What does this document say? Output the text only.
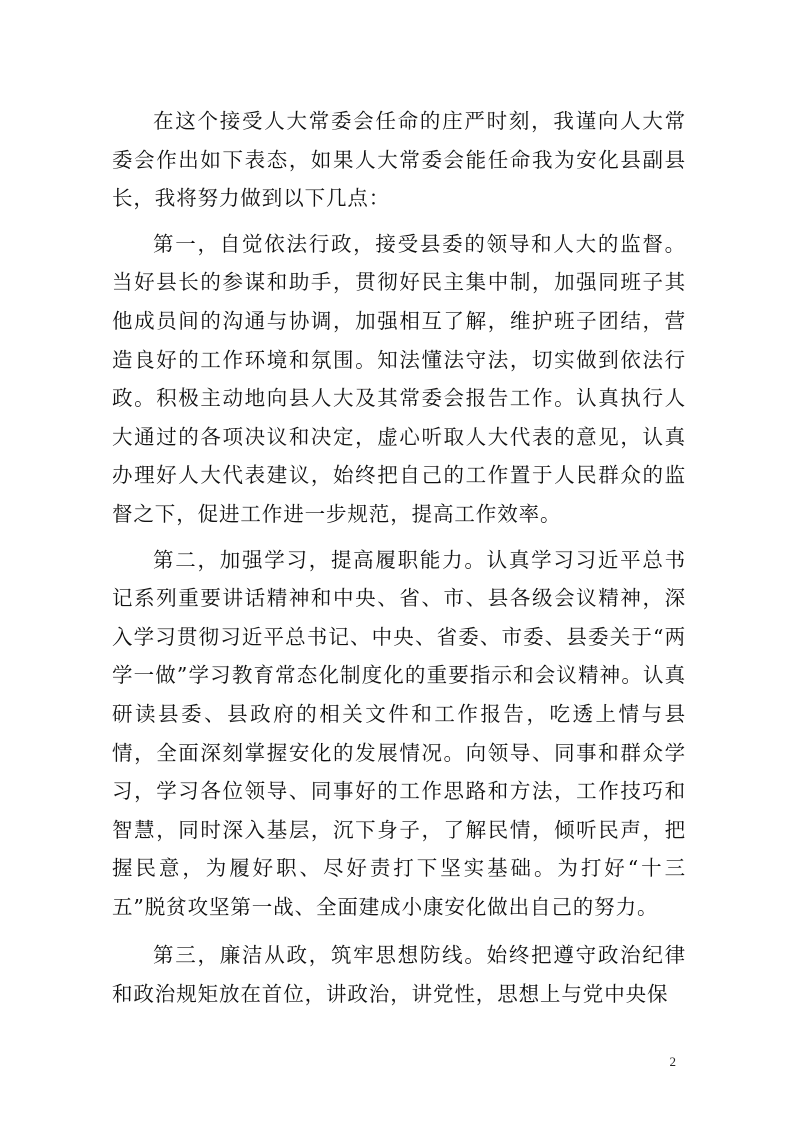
在这个接受人大常委会任命的庄严时刻，我谨向人大常委会作出如下表态，如果人大常委会能任命我为安化县副县长，我将努力做到以下几点：

第一，自觉依法行政，接受县委的领导和人大的监督。当好县长的参谋和助手，贯彻好民主集中制，加强同班子其他成员间的沟通与协调，加强相互了解，维护班子团结，营造良好的工作环境和氛围。知法懂法守法，切实做到依法行政。积极主动地向县人大及其常委会报告工作。认真执行人大通过的各项决议和决定，虚心听取人大代表的意见，认真办理好人大代表建议，始终把自己的工作置于人民群众的监督之下，促进工作进一步规范，提高工作效率。

第二，加强学习，提高履职能力。认真学习习近平总书记系列重要讲话精神和中央、省、市、县各级会议精神，深入学习贯彻习近平总书记、中央、省委、市委、县委关于“两学一做”学习教育常态化制度化的重要指示和会议精神。认真研读县委、县政府的相关文件和工作报告，吃透上情与县情，全面深刻掌握安化的发展情况。向领导、同事和群众学习，学习各位领导、同事好的工作思路和方法，工作技巧和智慧，同时深入基层，沉下身子，了解民情，倾听民声，把握民意，为履好职、尽好责打下坚实基础。为打好“十三五”脱贫攻坚第一战、全面建成小康安化做出自己的努力。

第三，廉洁从政，筑牢思想防线。始终把遵守政治纪律和政治规矩放在首位，讲政治，讲党性，思想上与党中央保

2
